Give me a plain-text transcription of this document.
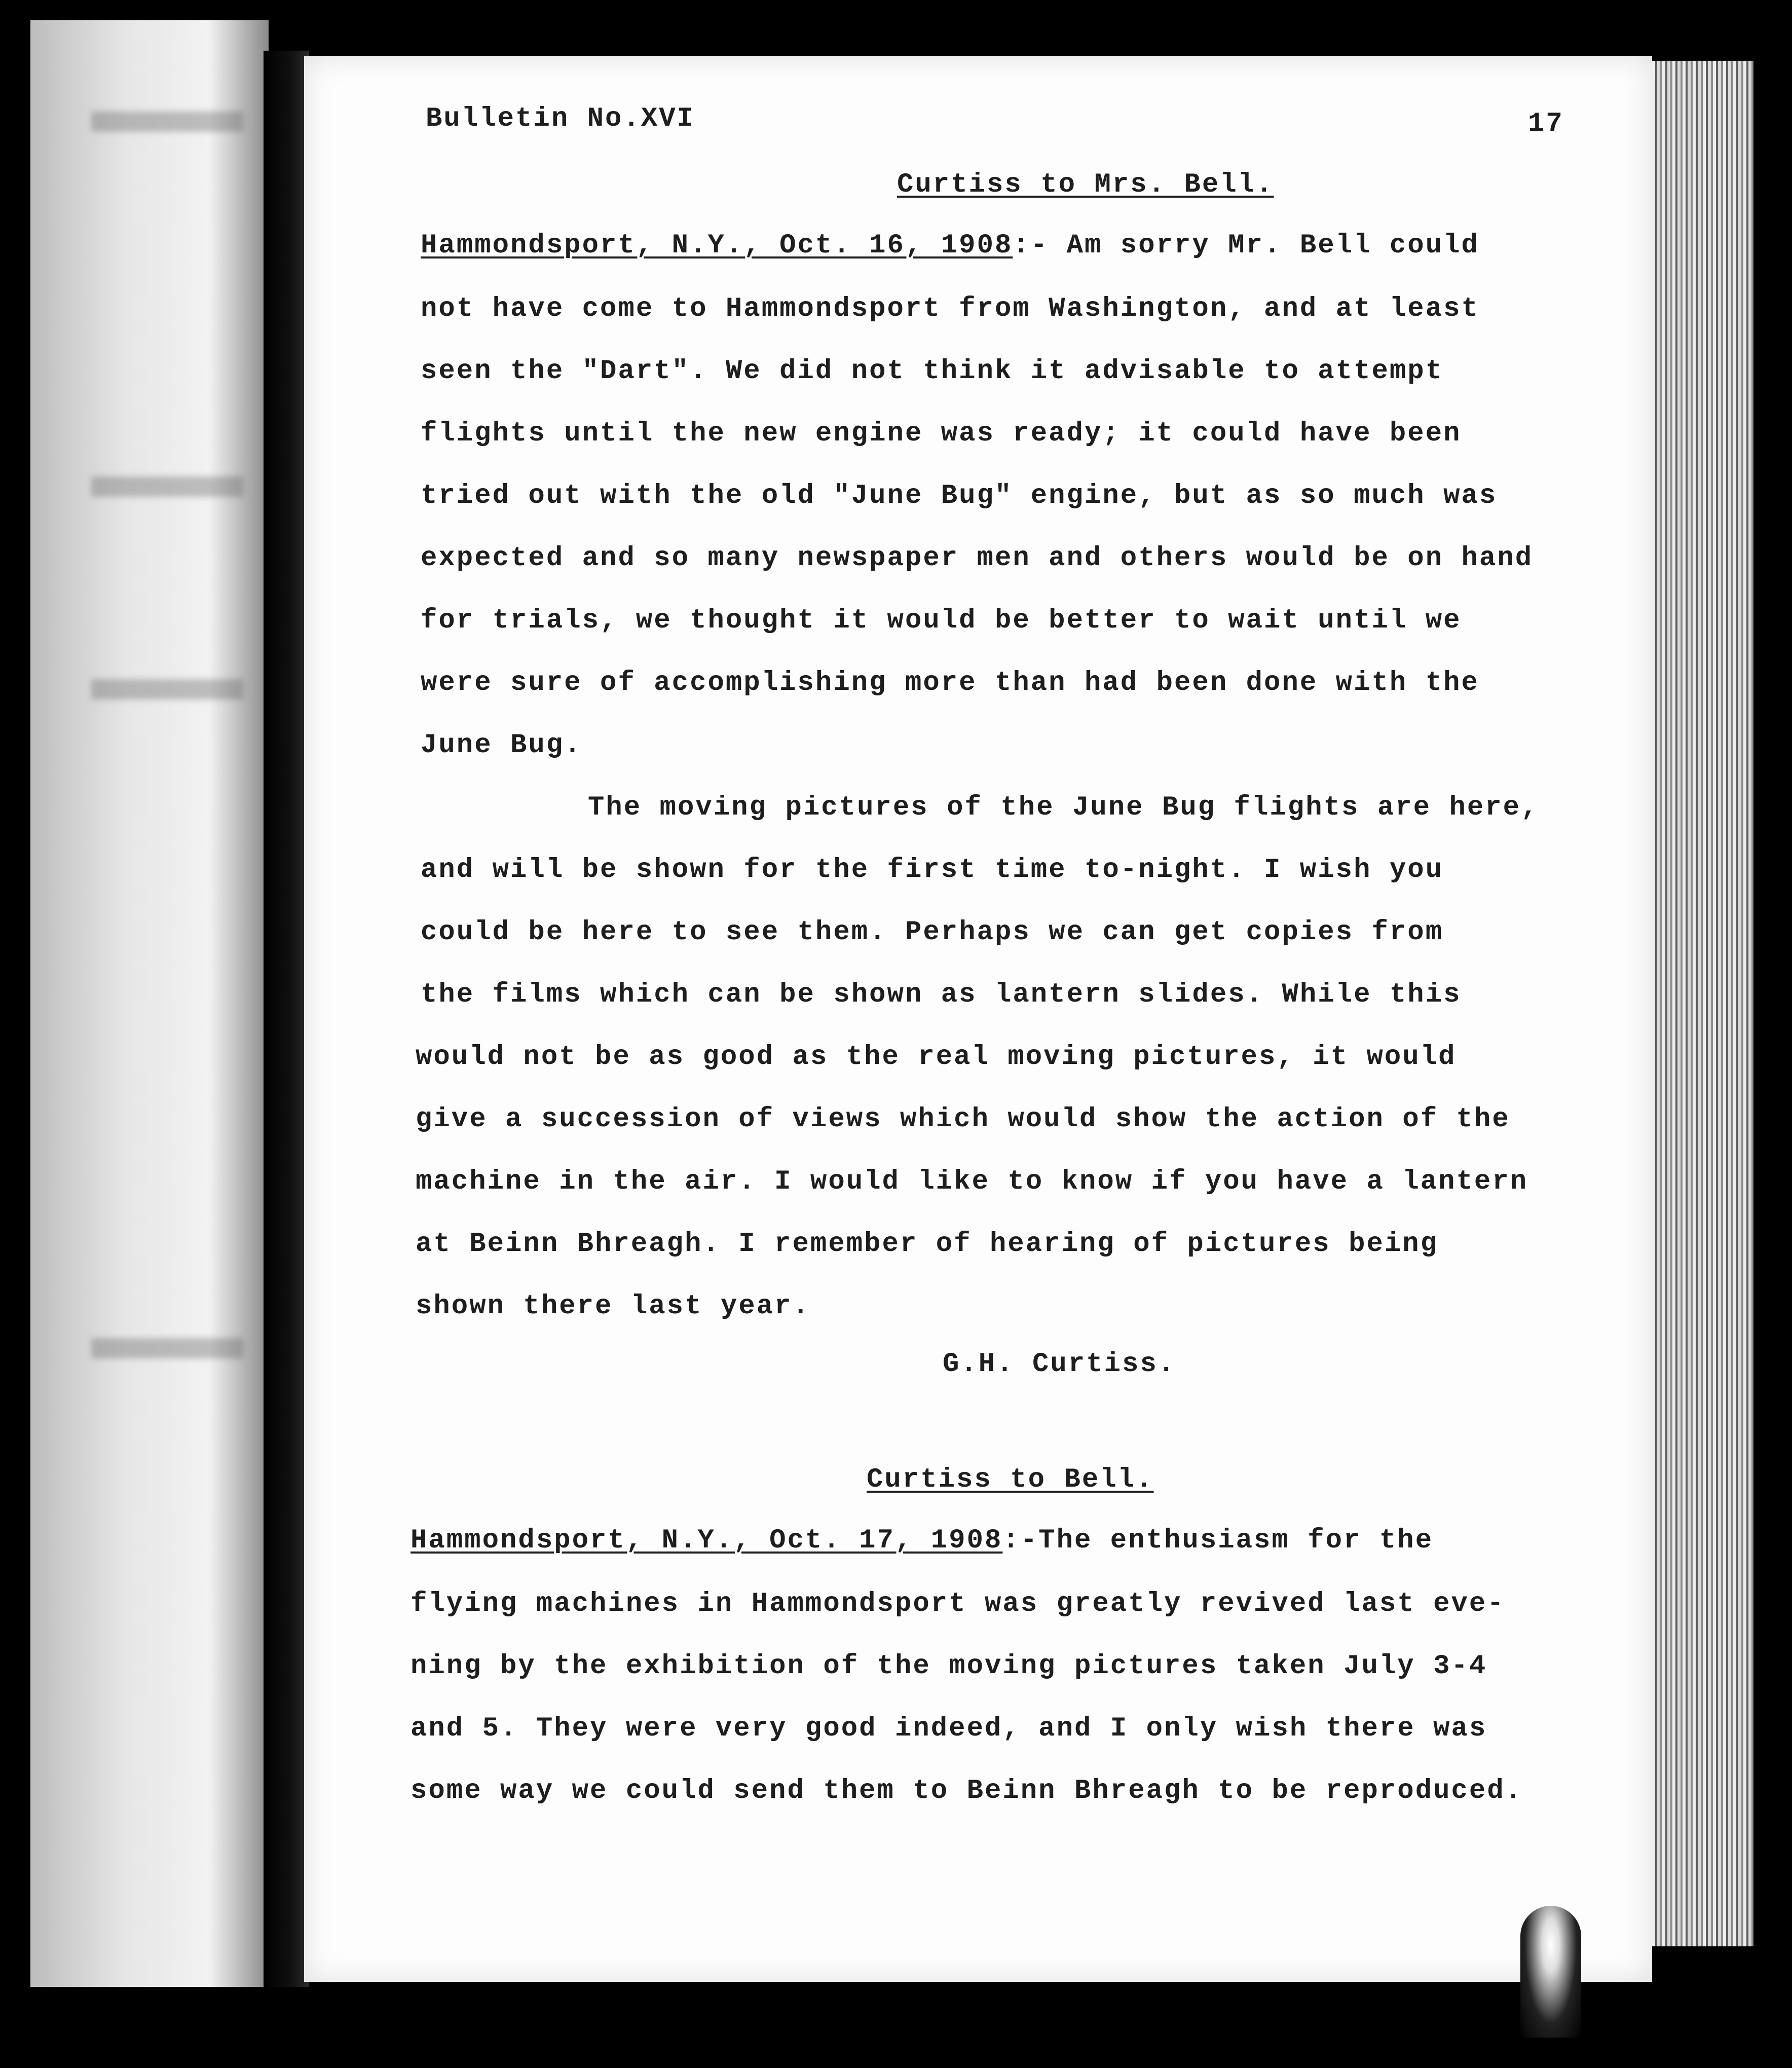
Bulletin No.XVI	17
Curtiss to Mrs. Bell.
Hammondsport, N.Y., Oct. 16, 1908:- Am sorry Mr. Bell could
not have come to Hammondsport from Washington, and at least
seen the "Dart". We did not think it advisable to attempt
flights until the new engine was ready; it could have been
tried out with the old "June Bug" engine, but as so much was
expected and so many newspaper men and others would be on hand
for trials, we thought it would be better to wait until we
were sure of accomplishing more than had been done with the
June Bug.
The moving pictures of the June Bug flights are here,
and will be shown for the first time to-night. I wish you
could be here to see them. Perhaps we can get copies from
the films which can be shown as lantern slides. While this
would not be as good as the real moving pictures, it would
give a succession of views which would show the action of the
machine in the air. I would like to know if you have a lantern
at Beinn Bhreagh. I remember of hearing of pictures being
shown there last year.
G.H. Curtiss.
Curtiss to Bell.
Hammondsport, N.Y., Oct. 17, 1908:-The enthusiasm for the
flying machines in Hammondsport was greatly revived last eve-
ning by the exhibition of the moving pictures taken July 3-4
and 5. They were very good indeed, and I only wish there was
some way we could send them to Beinn Bhreagh to be reproduced.
